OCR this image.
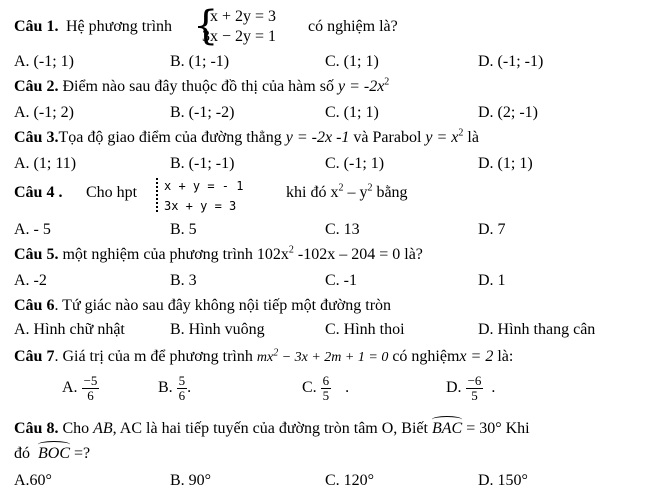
Câu 1. Hệ phương trình {
x + 2y = 3
3x − 2y = 1
có nghiệm là?
A. (-1; 1)	B. (1; -1)	C. (1; 1)	D. (-1; -1)
Câu 2. Điểm nào sau đây thuộc đồ thị của hàm số $y = -2x^2$
A. (-1; 2)	B. (-1; -2)	C. (1; 1)	D. (2; -1)
Câu 3.Tọa độ giao điểm của đường thẳng y = -2x -1 và Parabol $y = x^2$ là
A. (1; 11)	B. (-1; -1)	C. (-1; 1)	D. (1; 1)
Câu 4 . Cho hpt x + y = - 1
3x + y = 3
khi đó $x^2 - y^2$ bằng
A. - 5	B. 5	C. 13	D. 7
Câu 5. một nghiệm của phương trình $102x^2$ -102x – 204 = 0 là?
A. -2	B. 3	C. -1	D. 1
Câu 6. Tứ giác nào sau đây không nội tiếp một đường tròn
A. Hình chữ nhật	B. Hình vuông	C. Hình thoi	D. Hình thang cân
Câu 7. Giá trị của m để phương trình $mx^2 - 3x + 2m + 1 = 0$ có nghiệmx = 2 là:
A. $\frac{-5}{6}$	B. $\frac{5}{6}$ .	C. $\frac{6}{5}$ .	D. $\frac{-6}{5}$ .
Câu 8. Cho AB, AC là hai tiếp tuyến của đường tròn tâm O, Biết BAC = 30° Khi
đó BOC =?
A.60°	B. 90°	C. 120°	D. 150°
